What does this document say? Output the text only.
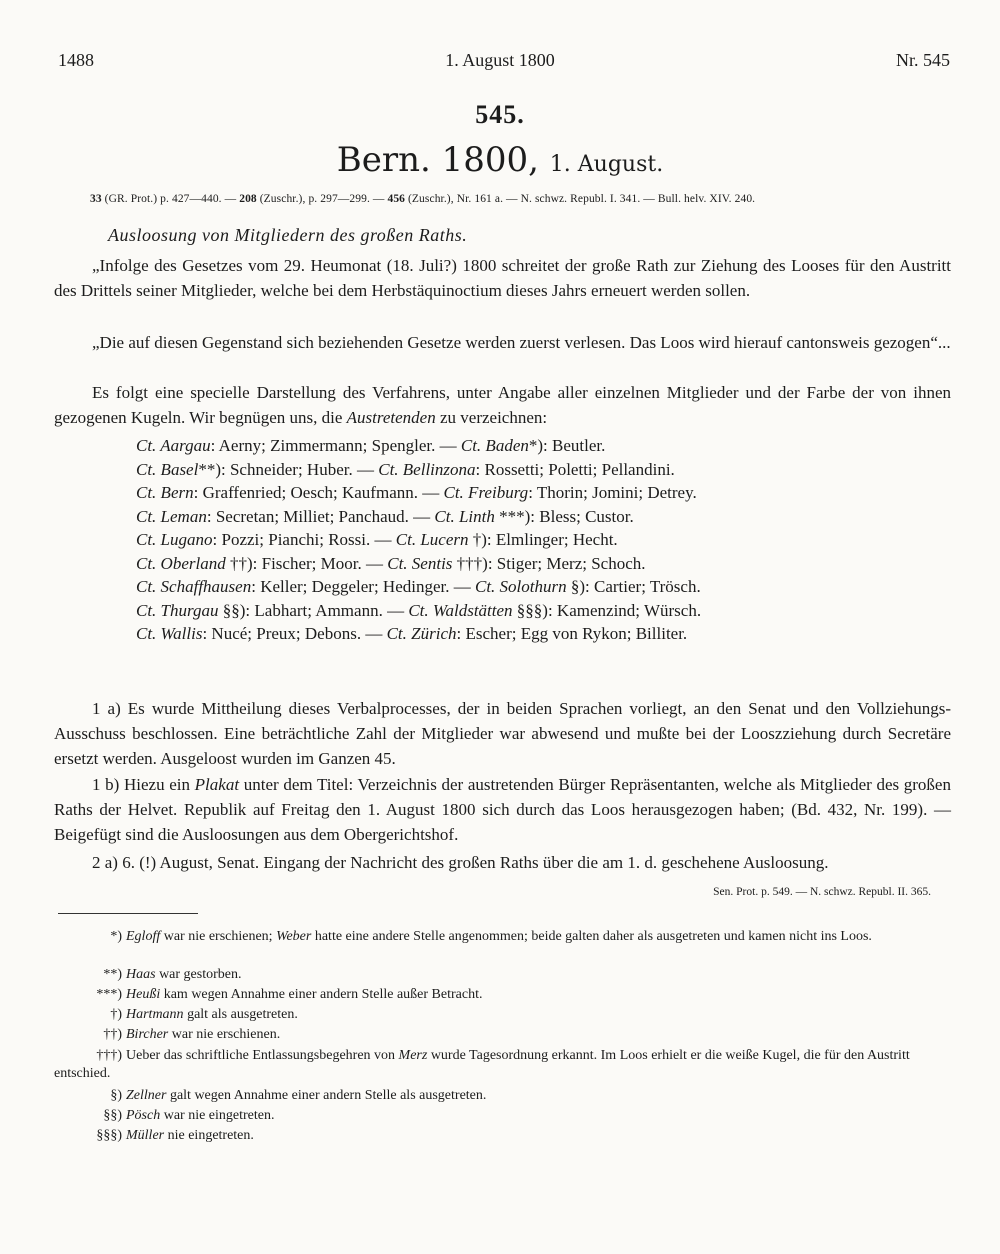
1488	1. August 1800	Nr. 545
545.
Bern. 1800, 1. August.
33 (GR. Prot.) p. 427—440. — 208 (Zuschr.), p. 297—299. — 456 (Zuschr.), Nr. 161 a. — N. schwz. Republ. I. 341. — Bull. helv. XIV. 240.
Ausloosung von Mitgliedern des großen Raths.

„Infolge des Gesetzes vom 29. Heumonat (18. Juli?) 1800 schreitet der große Rath zur Ziehung des Looses für den Austritt des Drittels seiner Mitglieder, welche bei dem Herbstäquinoctium dieses Jahrs erneuert werden sollen.

„Die auf diesen Gegenstand sich beziehenden Gesetze werden zuerst verlesen. Das Loos wird hierauf cantonsweis gezogen“...

Es folgt eine specielle Darstellung des Verfahrens, unter Angabe aller einzelnen Mitglieder und der Farbe der von ihnen gezogenen Kugeln. Wir begnügen uns, die Austretenden zu verzeichnen:

Ct. Aargau: Aerny; Zimmermann; Spengler. — Ct. Baden*): Beutler.
Ct. Basel**): Schneider; Huber. — Ct. Bellinzona: Rossetti; Poletti; Pellandini.
Ct. Bern: Graffenried; Oesch; Kaufmann. — Ct. Freiburg: Thorin; Jomini; Detrey.
Ct. Leman: Secretan; Milliet; Panchaud. — Ct. Linth ***): Bless; Custor.
Ct. Lugano: Pozzi; Pianchi; Rossi. — Ct. Lucern †): Elmlinger; Hecht.
Ct. Oberland ††): Fischer; Moor. — Ct. Sentis †††): Stiger; Merz; Schoch.
Ct. Schaffhausen: Keller; Deggeler; Hedinger. — Ct. Solothurn §): Cartier; Trösch.
Ct. Thurgau §§): Labhart; Ammann. — Ct. Waldstätten §§§): Kamenzind; Würsch.
Ct. Wallis: Nucé; Preux; Debons. — Ct. Zürich: Escher; Egg von Rykon; Billiter.

1 a) Es wurde Mittheilung dieses Verbalprocesses, der in beiden Sprachen vorliegt, an den Senat und den Vollziehungs-Ausschuss beschlossen. Eine beträchtliche Zahl der Mitglieder war abwesend und mußte bei der Looszziehung durch Secretäre ersetzt werden. Ausgeloost wurden im Ganzen 45.

1 b) Hiezu ein Plakat unter dem Titel: Verzeichnis der austretenden Bürger Repräsentanten, welche als Mitglieder des großen Raths der Helvet. Republik auf Freitag den 1. August 1800 sich durch das Loos herausgezogen haben; (Bd. 432, Nr. 199). — Beigefügt sind die Ausloosungen aus dem Obergerichtshof.

2 a) 6. (!) August, Senat. Eingang der Nachricht des großen Raths über die am 1. d. geschehene Ausloosung.
Sen. Prot. p. 549. — N. schwz. Republ. II. 365.

*) Egloff war nie erschienen; Weber hatte eine andere Stelle angenommen; beide galten daher als ausgetreten und kamen nicht ins Loos.

**) Haas war gestorben.

***) Heußi kam wegen Annahme einer andern Stelle außer Betracht.

†) Hartmann galt als ausgetreten.

††) Bircher war nie erschienen.

†††) Ueber das schriftliche Entlassungsbegehren von Merz wurde Tagesordnung erkannt. Im Loos erhielt er die weiße Kugel, die für den Austritt entschied.

§) Zellner galt wegen Annahme einer andern Stelle als ausgetreten.

§§) Pösch war nie eingetreten.

§§§) Müller nie eingetreten.
